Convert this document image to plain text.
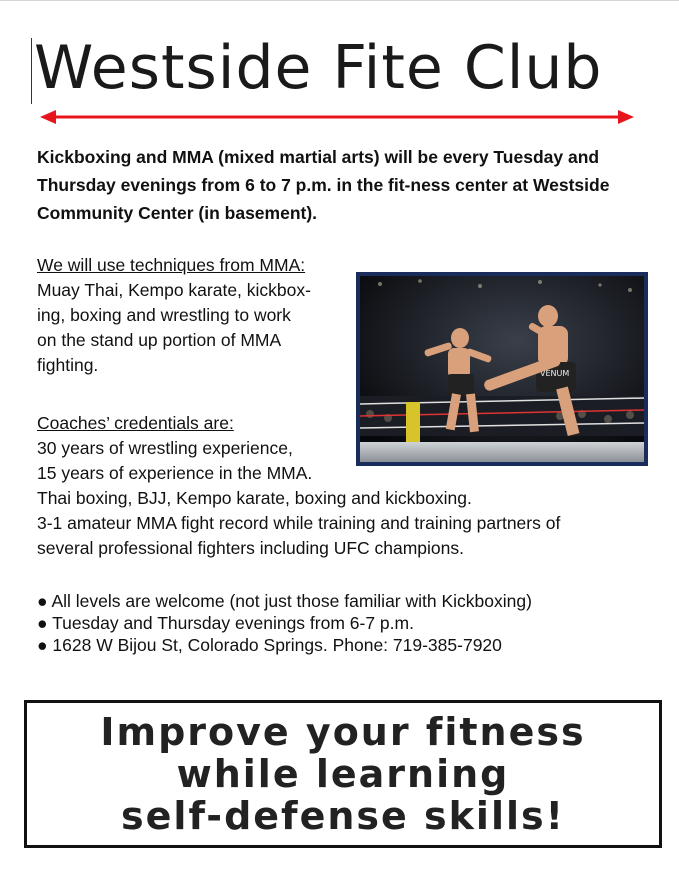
Westside Fite Club
Kickboxing and MMA (mixed martial arts) will be every Tuesday and Thursday evenings from 6 to 7 p.m. in the fit-ness center at Westside Community Center (in basement).
We will use techniques from MMA:
Muay Thai, Kempo karate, kickbox-
ing, boxing and wrestling to work
on the stand up portion of MMA
fighting.	VENUM
Coaches’ credentials are:
30 years of wrestling experience,
15 years of experience in the MMA.
Thai boxing, BJJ, Kempo karate, boxing and kickboxing.
3-1 amateur MMA fight record while training and training partners of
several professional fighters including UFC champions.
● All levels are welcome (not just those familiar with Kickboxing)
● Tuesday and Thursday evenings from 6-7 p.m.
● 1628 W Bijou St, Colorado Springs. Phone: 719-385-7920
Improve your fitness
while learning
self-defense skills!
